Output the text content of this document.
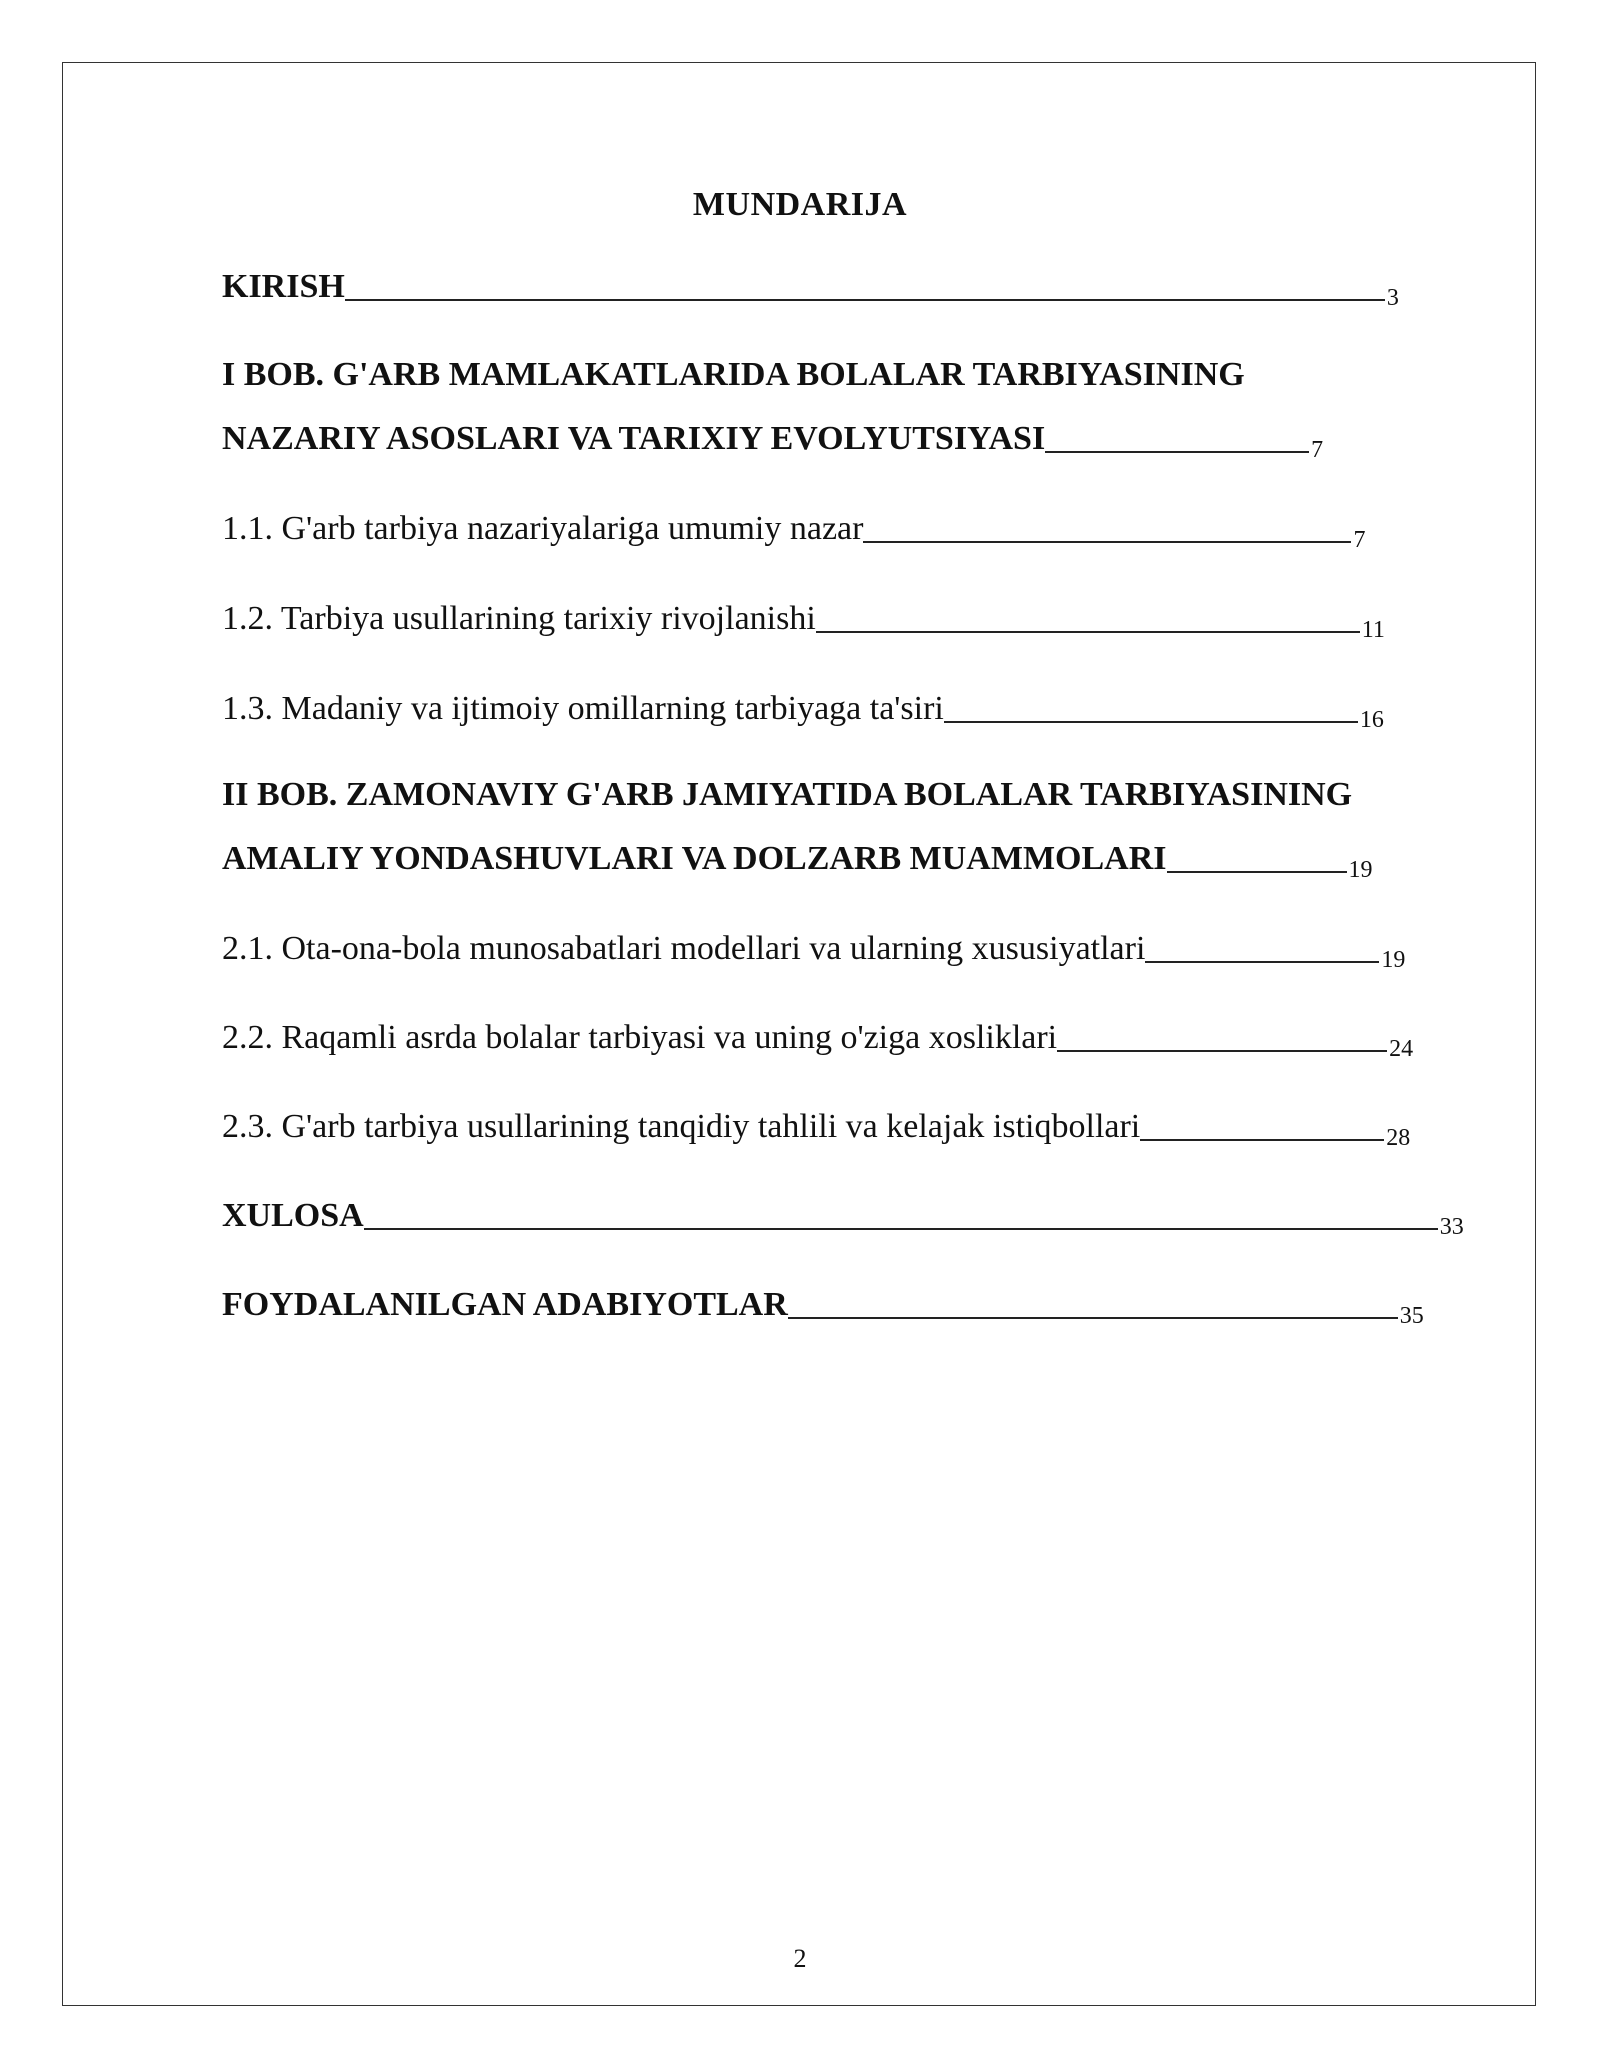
MUNDARIJA
KIRISH	3
I BOB. G'ARB MAMLAKATLARIDA BOLALAR TARBIYASINING
NAZARIY ASOSLARI VA TARIXIY EVOLYUTSIYASI	7
1.1. G'arb tarbiya nazariyalariga umumiy nazar	7
1.2. Tarbiya usullarining tarixiy rivojlanishi	11
1.3. Madaniy va ijtimoiy omillarning tarbiyaga ta'siri	16
II BOB. ZAMONAVIY G'ARB JAMIYATIDA BOLALAR TARBIYASINING
AMALIY YONDASHUVLARI VA DOLZARB MUAMMOLARI	19
2.1. Ota-ona-bola munosabatlari modellari va ularning xususiyatlari	19
2.2. Raqamli asrda bolalar tarbiyasi va uning o'ziga xosliklari	24
2.3. G'arb tarbiya usullarining tanqidiy tahlili va kelajak istiqbollari	28
XULOSA	33
FOYDALANILGAN ADABIYOTLAR	35
2
